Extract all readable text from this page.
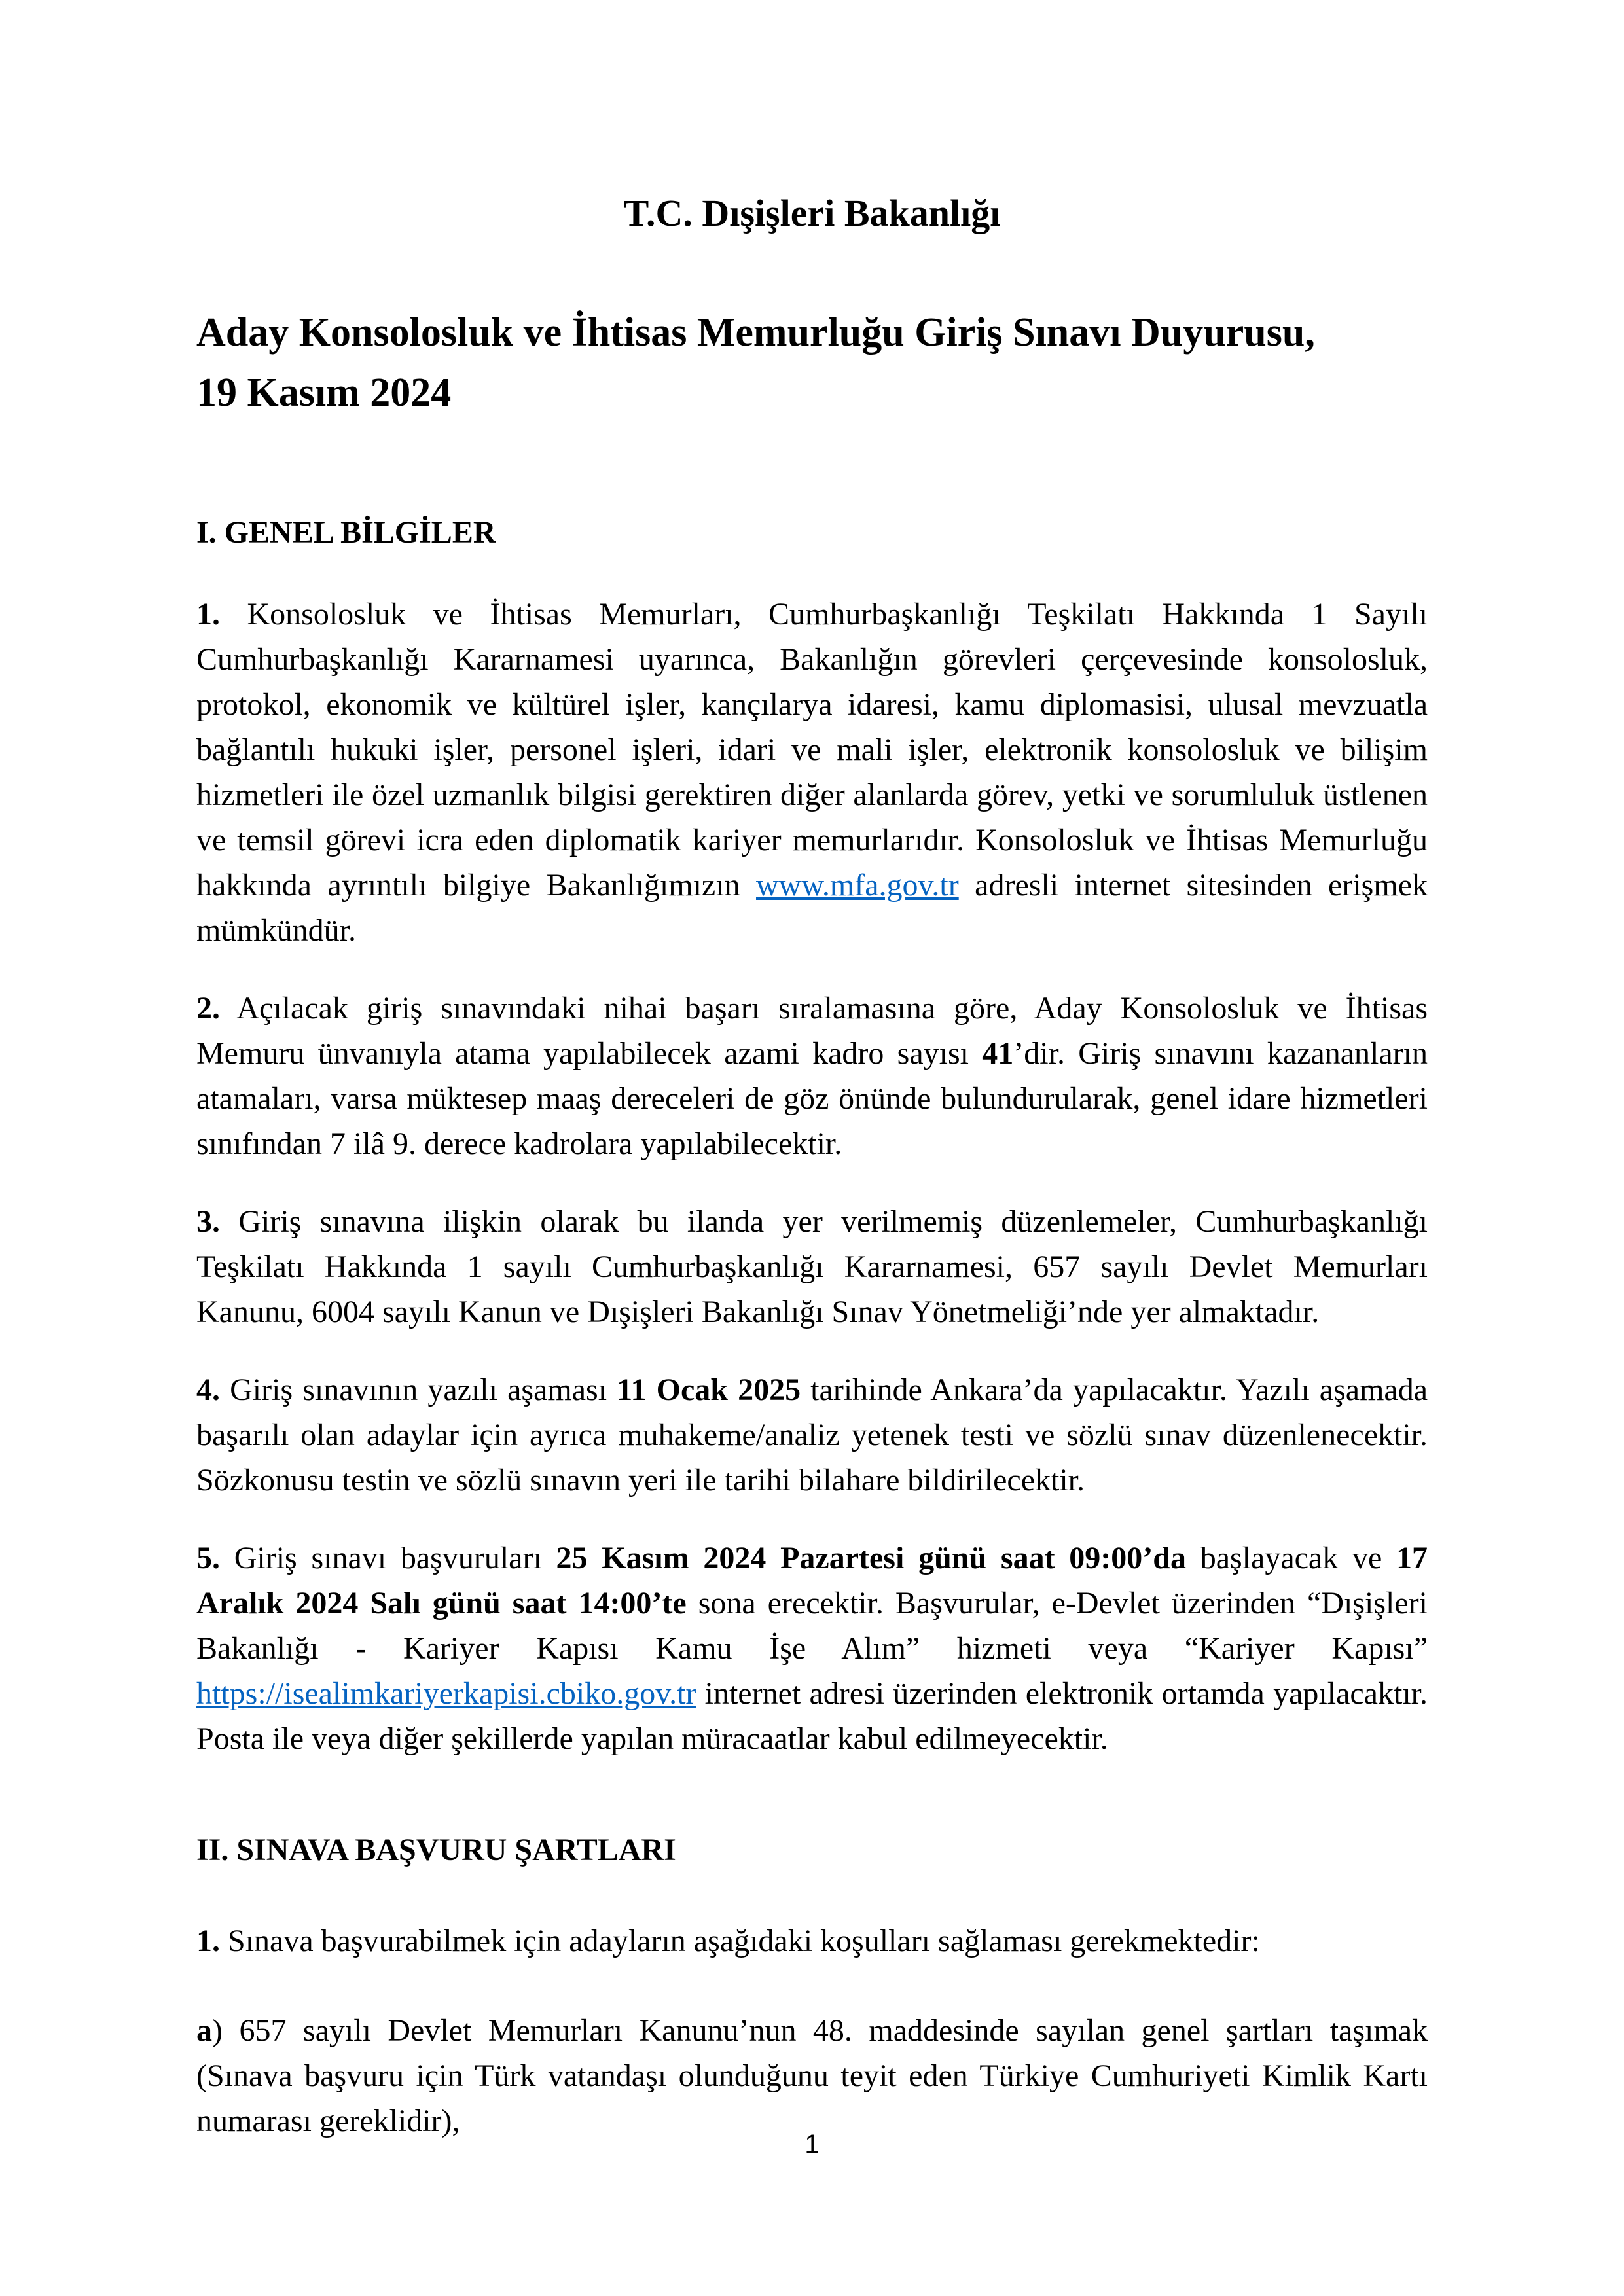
T.C. Dışişleri Bakanlığı
Aday Konsolosluk ve İhtisas Memurluğu Giriş Sınavı Duyurusu,
19 Kasım 2024
I. GENEL BİLGİLER

1. Konsolosluk ve İhtisas Memurları, Cumhurbaşkanlığı Teşkilatı Hakkında 1 Sayılı Cumhurbaşkanlığı Kararnamesi uyarınca, Bakanlığın görevleri çerçevesinde konsolosluk, protokol, ekonomik ve kültürel işler, kançılarya idaresi, kamu diplomasisi, ulusal mevzuatla bağlantılı hukuki işler, personel işleri, idari ve mali işler, elektronik konsolosluk ve bilişim hizmetleri ile özel uzmanlık bilgisi gerektiren diğer alanlarda görev, yetki ve sorumluluk üstlenen ve temsil görevi icra eden diplomatik kariyer memurlarıdır. Konsolosluk ve İhtisas Memurluğu hakkında ayrıntılı bilgiye Bakanlığımızın www.mfa.gov.tr adresli internet sitesinden erişmek mümkündür.

2. Açılacak giriş sınavındaki nihai başarı sıralamasına göre, Aday Konsolosluk ve İhtisas Memuru ünvanıyla atama yapılabilecek azami kadro sayısı 41’dir. Giriş sınavını kazananların atamaları, varsa müktesep maaş dereceleri de göz önünde bulundurularak, genel idare hizmetleri sınıfından 7 ilâ 9. derece kadrolara yapılabilecektir.

3. Giriş sınavına ilişkin olarak bu ilanda yer verilmemiş düzenlemeler, Cumhurbaşkanlığı Teşkilatı Hakkında 1 sayılı Cumhurbaşkanlığı Kararnamesi, 657 sayılı Devlet Memurları Kanunu, 6004 sayılı Kanun ve Dışişleri Bakanlığı Sınav Yönetmeliği’nde yer almaktadır.

4. Giriş sınavının yazılı aşaması 11 Ocak 2025 tarihinde Ankara’da yapılacaktır. Yazılı aşamada başarılı olan adaylar için ayrıca muhakeme/analiz yetenek testi ve sözlü sınav düzenlenecektir. Sözkonusu testin ve sözlü sınavın yeri ile tarihi bilahare bildirilecektir.

5. Giriş sınavı başvuruları 25 Kasım 2024 Pazartesi günü saat 09:00’da başlayacak ve 17 Aralık 2024 Salı günü saat 14:00’te sona erecektir. Başvurular, e-Devlet üzerinden “Dışişleri Bakanlığı - Kariyer Kapısı Kamu İşe Alım” hizmeti veya “Kariyer Kapısı” https://isealimkariyerkapisi.cbiko.gov.tr internet adresi üzerinden elektronik ortamda yapılacaktır. Posta ile veya diğer şekillerde yapılan müracaatlar kabul edilmeyecektir.

II. SINAVA BAŞVURU ŞARTLARI

1. Sınava başvurabilmek için adayların aşağıdaki koşulları sağlaması gerekmektedir:

a) 657 sayılı Devlet Memurları Kanunu’nun 48. maddesinde sayılan genel şartları taşımak (Sınava başvuru için Türk vatandaşı olunduğunu teyit eden Türkiye Cumhuriyeti Kimlik Kartı numarası gereklidir),

1
